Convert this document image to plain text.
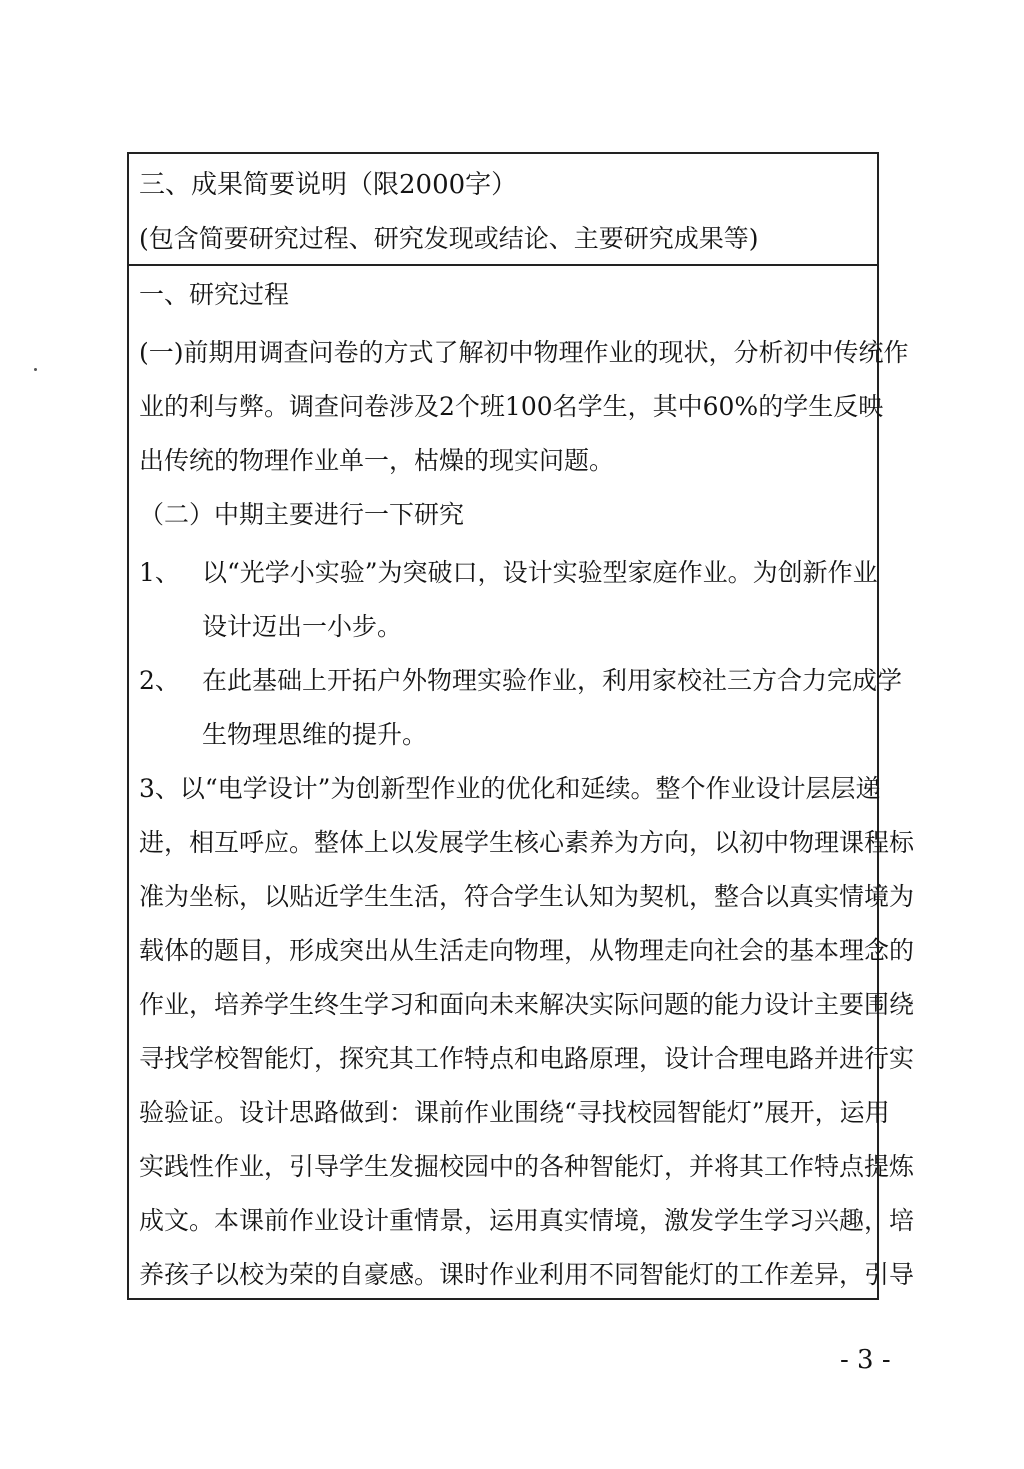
三、成果简要说明（限2000字）
(包含简要研究过程、研究发现或结论、主要研究成果等)
一、研究过程
(一)前期用调查问卷的方式了解初中物理作业的现状，分析初中传统作
业的利与弊。调查问卷涉及2个班100名学生，其中60%的学生反映
出传统的物理作业单一，枯燥的现实问题。
（二）中期主要进行一下研究
1、 以“光学小实验”为突破口，设计实验型家庭作业。为创新作业
设计迈出一小步。
2、 在此基础上开拓户外物理实验作业，利用家校社三方合力完成学
生物理思维的提升。
3、以“电学设计”为创新型作业的优化和延续。整个作业设计层层递
进，相互呼应。整体上以发展学生核心素养为方向，以初中物理课程标
准为坐标，以贴近学生生活，符合学生认知为契机，整合以真实情境为
载体的题目，形成突出从生活走向物理，从物理走向社会的基本理念的
作业，培养学生终生学习和面向未来解决实际问题的能力设计主要围绕
寻找学校智能灯，探究其工作特点和电路原理，设计合理电路并进行实
验验证。设计思路做到：课前作业围绕“寻找校园智能灯”展开，运用
实践性作业，引导学生发掘校园中的各种智能灯，并将其工作特点提炼
成文。本课前作业设计重情景，运用真实情境，激发学生学习兴趣，培
养孩子以校为荣的自豪感。课时作业利用不同智能灯的工作差异，引导
- 3 -
